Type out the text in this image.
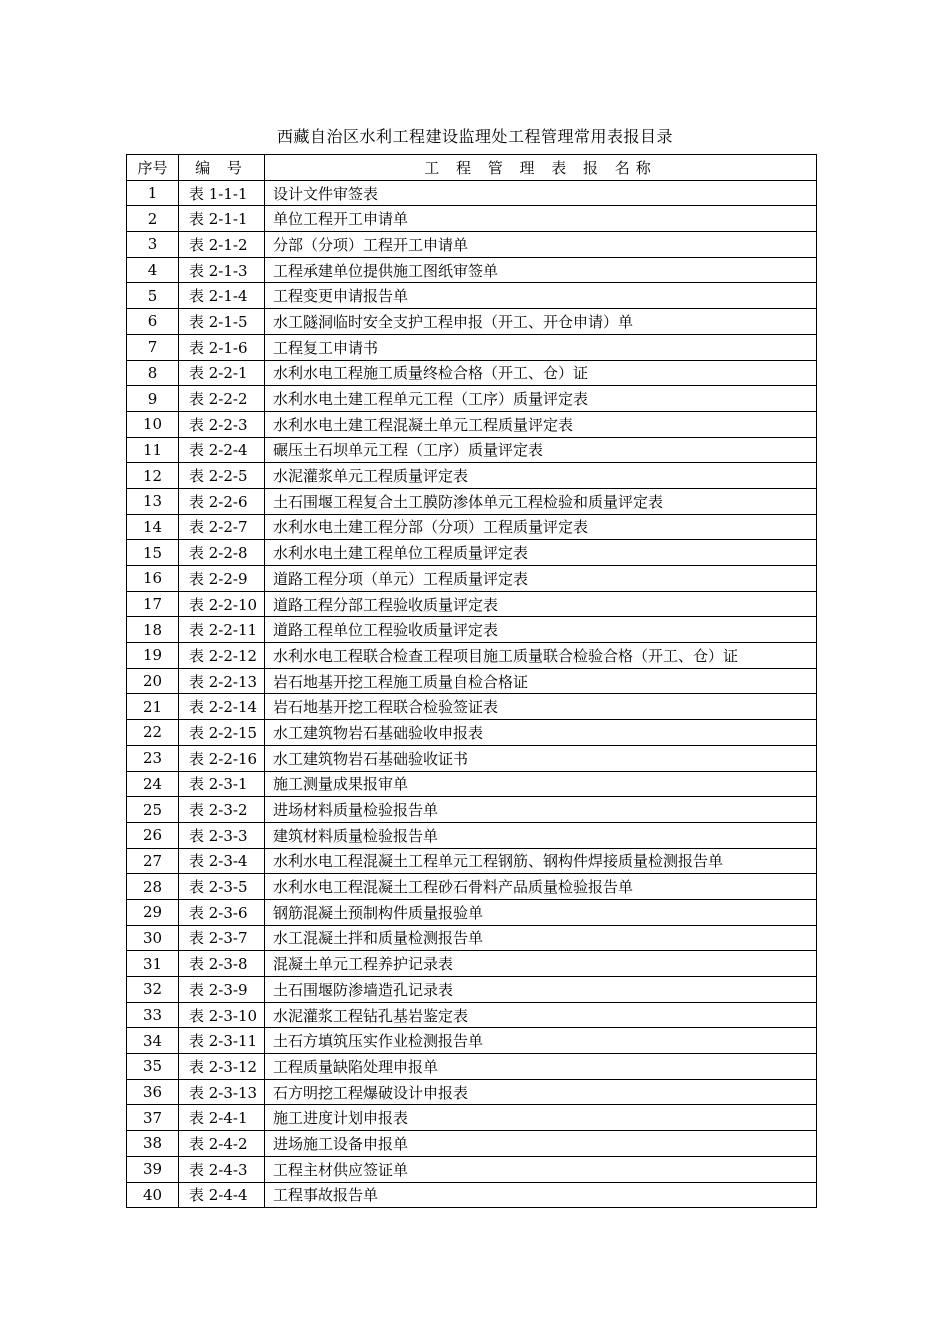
西藏自治区水利工程建设监理处工程管理常用表报目录
序号	编 号	工 程 管 理 表 报 名称
1	表 1-1-1	设计文件审签表
2	表 2-1-1	单位工程开工申请单
3	表 2-1-2	分部（分项）工程开工申请单
4	表 2-1-3	工程承建单位提供施工图纸审签单
5	表 2-1-4	工程变更申请报告单
6	表 2-1-5	水工隧洞临时安全支护工程申报（开工、开仓申请）单
7	表 2-1-6	工程复工申请书
8	表 2-2-1	水利水电工程施工质量终检合格（开工、仓）证
9	表 2-2-2	水利水电土建工程单元工程（工序）质量评定表
10	表 2-2-3	水利水电土建工程混凝土单元工程质量评定表
11	表 2-2-4	碾压土石坝单元工程（工序）质量评定表
12	表 2-2-5	水泥灌浆单元工程质量评定表
13	表 2-2-6	土石围堰工程复合土工膜防渗体单元工程检验和质量评定表
14	表 2-2-7	水利水电土建工程分部（分项）工程质量评定表
15	表 2-2-8	水利水电土建工程单位工程质量评定表
16	表 2-2-9	道路工程分项（单元）工程质量评定表
17	表 2-2-10	道路工程分部工程验收质量评定表
18	表 2-2-11	道路工程单位工程验收质量评定表
19	表 2-2-12	水利水电工程联合检查工程项目施工质量联合检验合格（开工、仓）证
20	表 2-2-13	岩石地基开挖工程施工质量自检合格证
21	表 2-2-14	岩石地基开挖工程联合检验签证表
22	表 2-2-15	水工建筑物岩石基础验收申报表
23	表 2-2-16	水工建筑物岩石基础验收证书
24	表 2-3-1	施工测量成果报审单
25	表 2-3-2	进场材料质量检验报告单
26	表 2-3-3	建筑材料质量检验报告单
27	表 2-3-4	水利水电工程混凝土工程单元工程钢筋、钢构件焊接质量检测报告单
28	表 2-3-5	水利水电工程混凝土工程砂石骨料产品质量检验报告单
29	表 2-3-6	钢筋混凝土预制构件质量报验单
30	表 2-3-7	水工混凝土拌和质量检测报告单
31	表 2-3-8	混凝土单元工程养护记录表
32	表 2-3-9	土石围堰防渗墙造孔记录表
33	表 2-3-10	水泥灌浆工程钻孔基岩鉴定表
34	表 2-3-11	土石方填筑压实作业检测报告单
35	表 2-3-12	工程质量缺陷处理申报单
36	表 2-3-13	石方明挖工程爆破设计申报表
37	表 2-4-1	施工进度计划申报表
38	表 2-4-2	进场施工设备申报单
39	表 2-4-3	工程主材供应签证单
40	表 2-4-4	工程事故报告单
